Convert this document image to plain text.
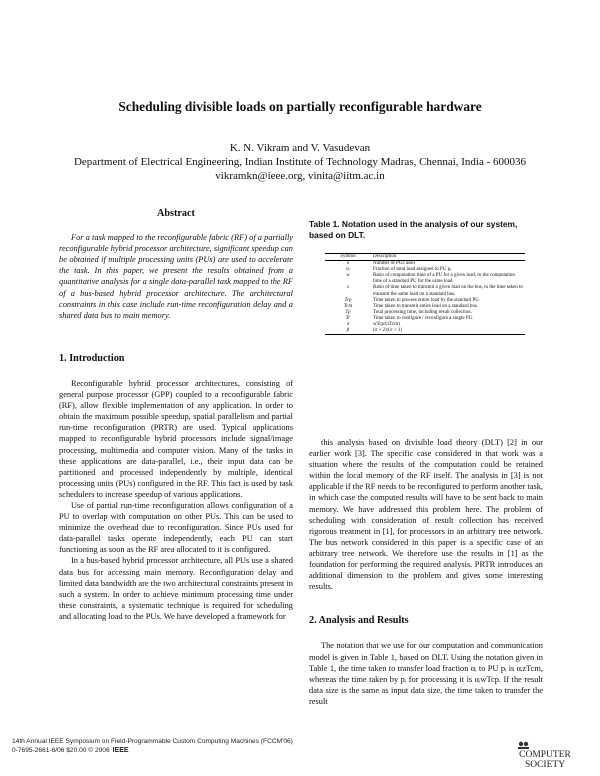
Scheduling divisible loads on partially reconfigurable hardware
K. N. Vikram and V. Vasudevan
Department of Electrical Engineering, Indian Institute of Technology Madras, Chennai, India - 600036
vikramkn@ieee.org, vinita@iitm.ac.in
Abstract

For a task mapped to the reconfigurable fabric (RF) of a partially reconfigurable hybrid processor architecture, significant speedup can be obtained if multiple processing units (PUs) are used to accelerate the task. In this paper, we present the results obtained from a quantitative analysis for a single data-parallel task mapped to the RF of a bus-based hybrid processor architecture. The architectural constraints in this case include run-time reconfiguration delay and a shared data bus to main memory.

1. Introduction

Reconfigurable hybrid processor architectures, consisting of general purpose processor (GPP) coupled to a reconfigurable fabric (RF), allow flexible implementation of any application. In order to obtain the maximum possible speedup, spatial parallelism and partial run-time reconfiguration (PRTR) are used. Typical applications mapped to reconfigurable hybrid processors include signal/image processing, multimedia and computer vision. Many of the tasks in these applications are data-parallel, i.e., their input data can be partitioned and processed independently by multiple, identical processing units (PUs) configured in the RF. This fact is used by task schedulers to increase speedup of various applications.

Use of partial run-time reconfiguration allows configuration of a PU to overlap with computation on other PUs. This can be used to minimize the overhead due to reconfiguration. Since PUs used for data-parallel tasks operate independently, each PU can start functioning as soon as the RF area allocated to it is configured.

In a bus-based hybrid processor architecture, all PUs use a shared data bus for accessing main memory. Reconfiguration delay and limited data bandwidth are the two architectural constraints present in such a system. In order to achieve minimum processing time under these constraints, a systematic technique is required for scheduling and allocating load to the PUs. We have developed a framework for

Table 1. Notation used in the analysis of our system, based on DLT.

Symbol	Description
n	Number of PUs used
αᵢ	Fraction of total load assigned to PU pᵢ.
w	Ratio of computation time of a PU for a given load, to the computation time of a standard PU for the same load.
z	Ratio of time taken to transmit a given load on the bus, to the time taken to transmit the same load on a standard bus.
Tcp	Time taken to process entire load by the standard PU.
Tcm	Time taken to transmit entire load on a standard bus.
Tp	Total processing time, including result collection.
Tr	Time taken to configure / reconfigure a single PU.
σ	wTcp/(zTcm)
β	(σ + 2)/(σ + 1)

this analysis based on divisible load theory (DLT) [2] in our earlier work [3]. The specific case considered in that work was a situation where the results of the computation could be retained within the local memory of the RF itself. The analysis in [3] is not applicable if the RF needs to be reconfigured to perform another task, in which case the computed results will have to be sent back to main memory. We have addressed this problem here. The problem of scheduling with consideration of result collection has received rigorous treatment in [1], for processors in an arbitrary tree network. The bus network considered in this paper is a specific case of an arbitrary tree network. We therefore use the results in [1] as the foundation for performing the required analysis. PRTR introduces an additional dimension to the problem and gives some interesting results.

2. Analysis and Results

The notation that we use for our computation and communication model is given in Table 1, based on DLT. Using the notation given in Table 1, the time taken to transfer load fraction αᵢ to PU pᵢ is αᵢzTcm, whereas the time taken by pᵢ for processing it is αᵢwTcp. If the result data size is the same as input data size, the time taken to transfer the result

14th Annual IEEE Symposium on Field-Programmable Custom Computing Machines (FCCM'06)
0-7695-2661-6/06 $20.00 © 2006 IEEE	COMPUTER
SOCIETY
